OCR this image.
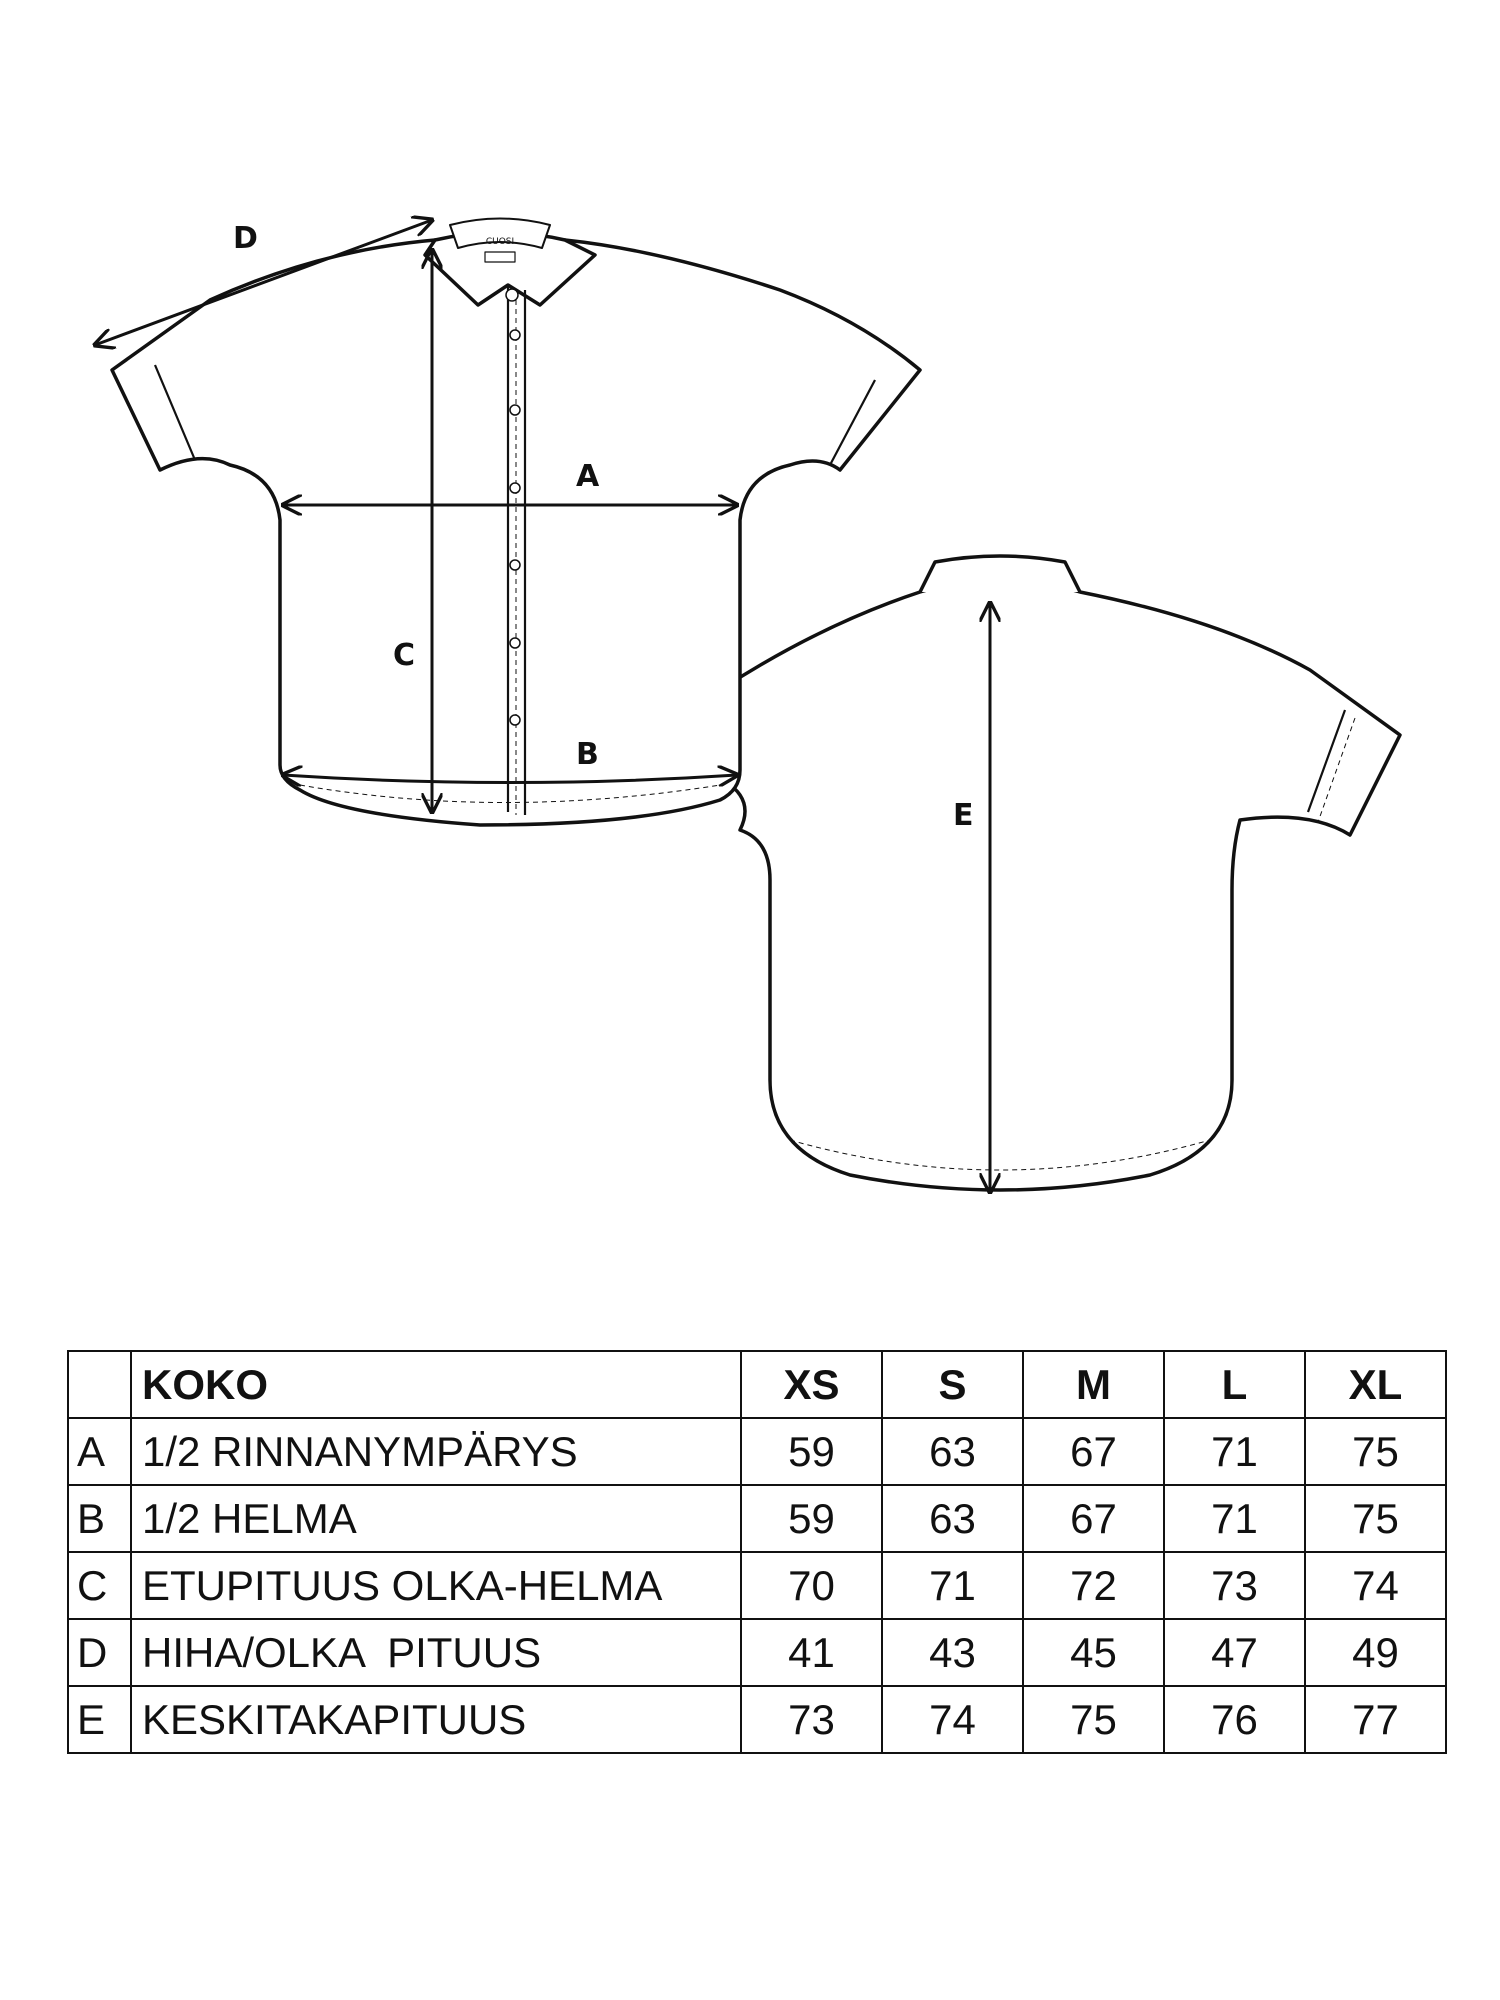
CUOSI
A
B
C
D
E
	KOKO	XS	S	M	L	XL
A	1/2 RINNANYMPÄRYS	59	63	67	71	75
B	1/2 HELMA	59	63	67	71	75
C	ETUPITUUS OLKA-HELMA	70	71	72	73	74
D	HIHA/OLKA  PITUUS	41	43	45	47	49
E	KESKITAKAPITUUS	73	74	75	76	77
